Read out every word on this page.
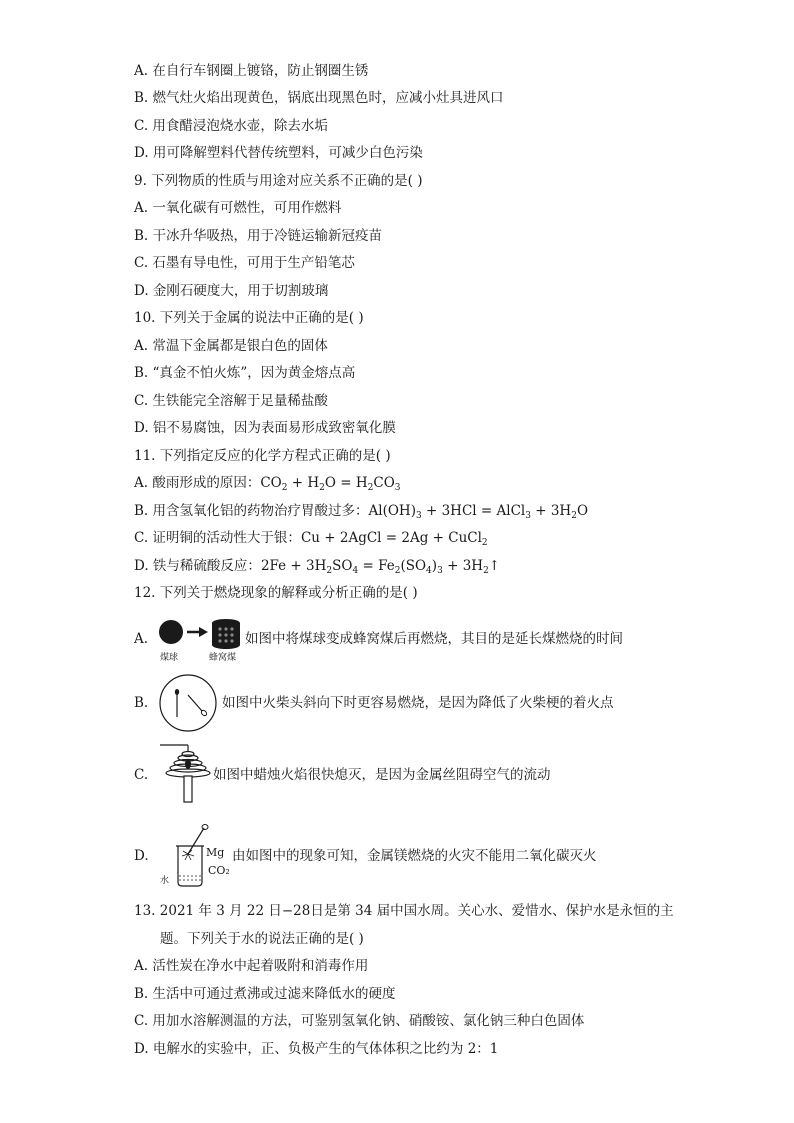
A. 在自行车钢圈上镀铬，防止钢圈生锈
B. 燃气灶火焰出现黄色，锅底出现黑色时，应减小灶具进风口
C. 用食醋浸泡烧水壶，除去水垢
D. 用可降解塑料代替传统塑料，可减少白色污染
9. 下列物质的性质与用途对应关系不正确的是( )
A. 一氧化碳有可燃性，可用作燃料
B. 干冰升华吸热，用于冷链运输新冠疫苗
C. 石墨有导电性，可用于生产铅笔芯
D. 金刚石硬度大，用于切割玻璃
10. 下列关于金属的说法中正确的是( )
A. 常温下金属都是银白色的固体
B. “真金不怕火炼”，因为黄金熔点高
C. 生铁能完全溶解于足量稀盐酸
D. 铝不易腐蚀，因为表面易形成致密氧化膜
11. 下列指定反应的化学方程式正确的是( )
A. 酸雨形成的原因：$CO_2 + H_2O = H_2CO_3$
B. 用含氢氧化铝的药物治疗胃酸过多：$Al(OH)_3 + 3HCl$ = AlCl$_3$ + $3H_2O$
C. 证明铜的活动性大于银：Cu + 2AgCl = 2Ag + CuCl$_2$
D. 铁与稀硫酸反应：$2Fe + 3H_2SO_4 = Fe_2(SO_4)_3$ + $3H_2↑$
12. 下列关于燃烧现象的解释或分析正确的是( )
A.
煤球	蜂窝煤
如图中将煤球变成蜂窝煤后再燃烧，其目的是延长煤燃烧的时间
B.	如图中火柴头斜向下时更容易燃烧，是因为降低了火柴梗的着火点
C.	如图中蜡烛火焰很快熄灭，是因为金属丝阻碍空气的流动
D.	Mg
CO₂
水
由如图中的现象可知，金属镁燃烧的火灾不能用二氧化碳灭火
13. 2021 年 3 月 22 日−28日是第 34 届中国水周。关心水、爱惜水、保护水是永恒的主
题。下列关于水的说法正确的是( )
A. 活性炭在净水中起着吸附和消毒作用
B. 生活中可通过煮沸或过滤来降低水的硬度
C. 用加水溶解测温的方法，可鉴别氢氧化钠、硝酸铵、氯化钠三种白色固体
D. 电解水的实验中，正、负极产生的气体体积之比约为 2：1
